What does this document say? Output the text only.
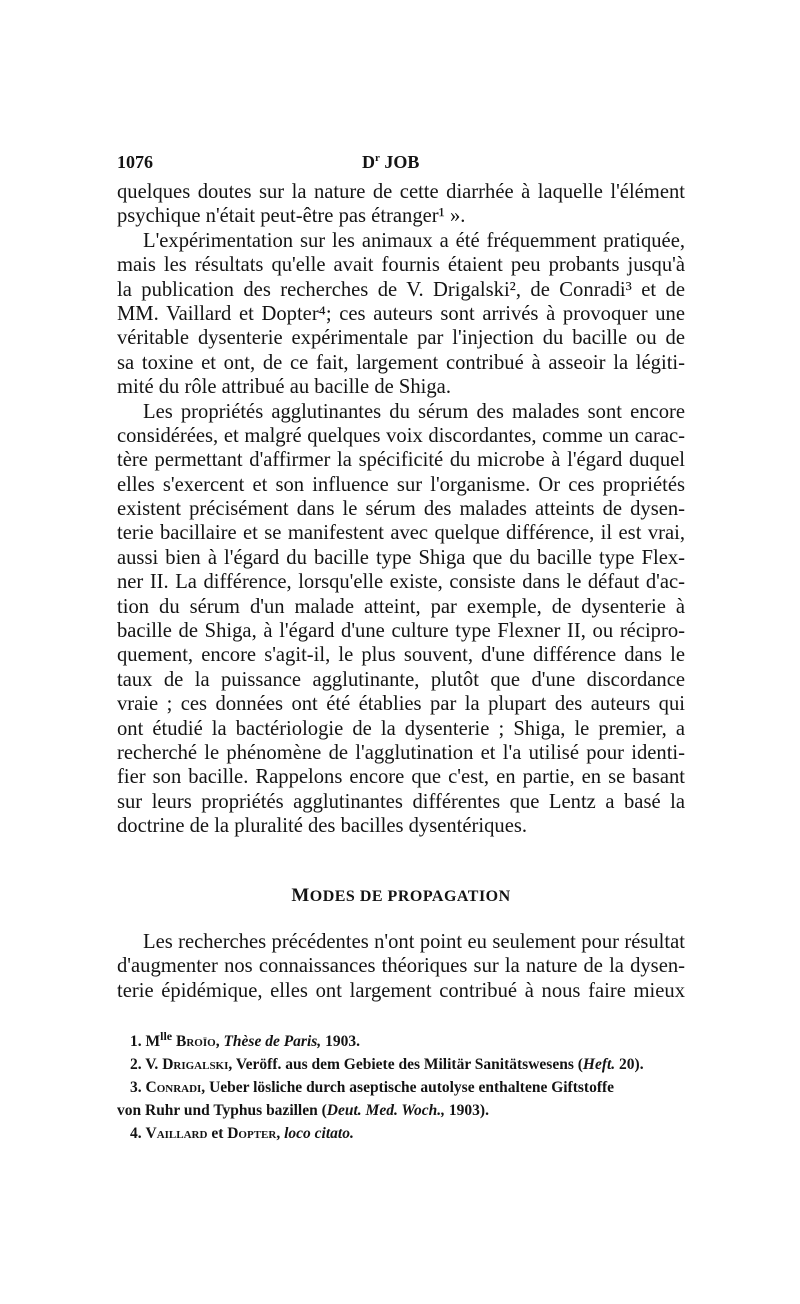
1076	$D^r$ JOB
quelques doutes sur la nature de cette diarrhée à laquelle l'élément
psychique n'était peut-être pas étranger¹ ».
L'expérimentation sur les animaux a été fréquemment pratiquée,
mais les résultats qu'elle avait fournis étaient peu probants jusqu'à
la publication des recherches de V. Drigalski², de Conradi³ et de
MM. Vaillard et Dopter⁴; ces auteurs sont arrivés à provoquer une
véritable dysenterie expérimentale par l'injection du bacille ou de
sa toxine et ont, de ce fait, largement contribué à asseoir la légiti-
mité du rôle attribué au bacille de Shiga.
Les propriétés agglutinantes du sérum des malades sont encore
considérées, et malgré quelques voix discordantes, comme un carac-
tère permettant d'affirmer la spécificité du microbe à l'égard duquel
elles s'exercent et son influence sur l'organisme. Or ces propriétés
existent précisément dans le sérum des malades atteints de dysen-
terie bacillaire et se manifestent avec quelque différence, il est vrai,
aussi bien à l'égard du bacille type Shiga que du bacille type Flex-
ner II. La différence, lorsqu'elle existe, consiste dans le défaut d'ac-
tion du sérum d'un malade atteint, par exemple, de dysenterie à
bacille de Shiga, à l'égard d'une culture type Flexner II, ou récipro-
quement, encore s'agit-il, le plus souvent, d'une différence dans le
taux de la puissance agglutinante, plutôt que d'une discordance
vraie ; ces données ont été établies par la plupart des auteurs qui
ont étudié la bactériologie de la dysenterie ; Shiga, le premier, a
recherché le phénomène de l'agglutination et l'a utilisé pour identi-
fier son bacille. Rappelons encore que c'est, en partie, en se basant
sur leurs propriétés agglutinantes différentes que Lentz a basé la
doctrine de la pluralité des bacilles dysentériques.
MODES DE PROPAGATION
Les recherches précédentes n'ont point eu seulement pour résultat
d'augmenter nos connaissances théoriques sur la nature de la dysen-
terie épidémique, elles ont largement contribué à nous faire mieux
1. $M^{lle}$ Broïo, Thèse de Paris, 1903.
2. V. Drigalski, Veröff. aus dem Gebiete des Militär Sanitätswesens (Heft. 20).
3. Conradi, Ueber lösliche durch aseptische autolyse enthaltene Giftstoffe
von Ruhr und Typhus bazillen (Deut. Med. Woch., 1903).
4. Vaillard et Dopter, loco citato.
